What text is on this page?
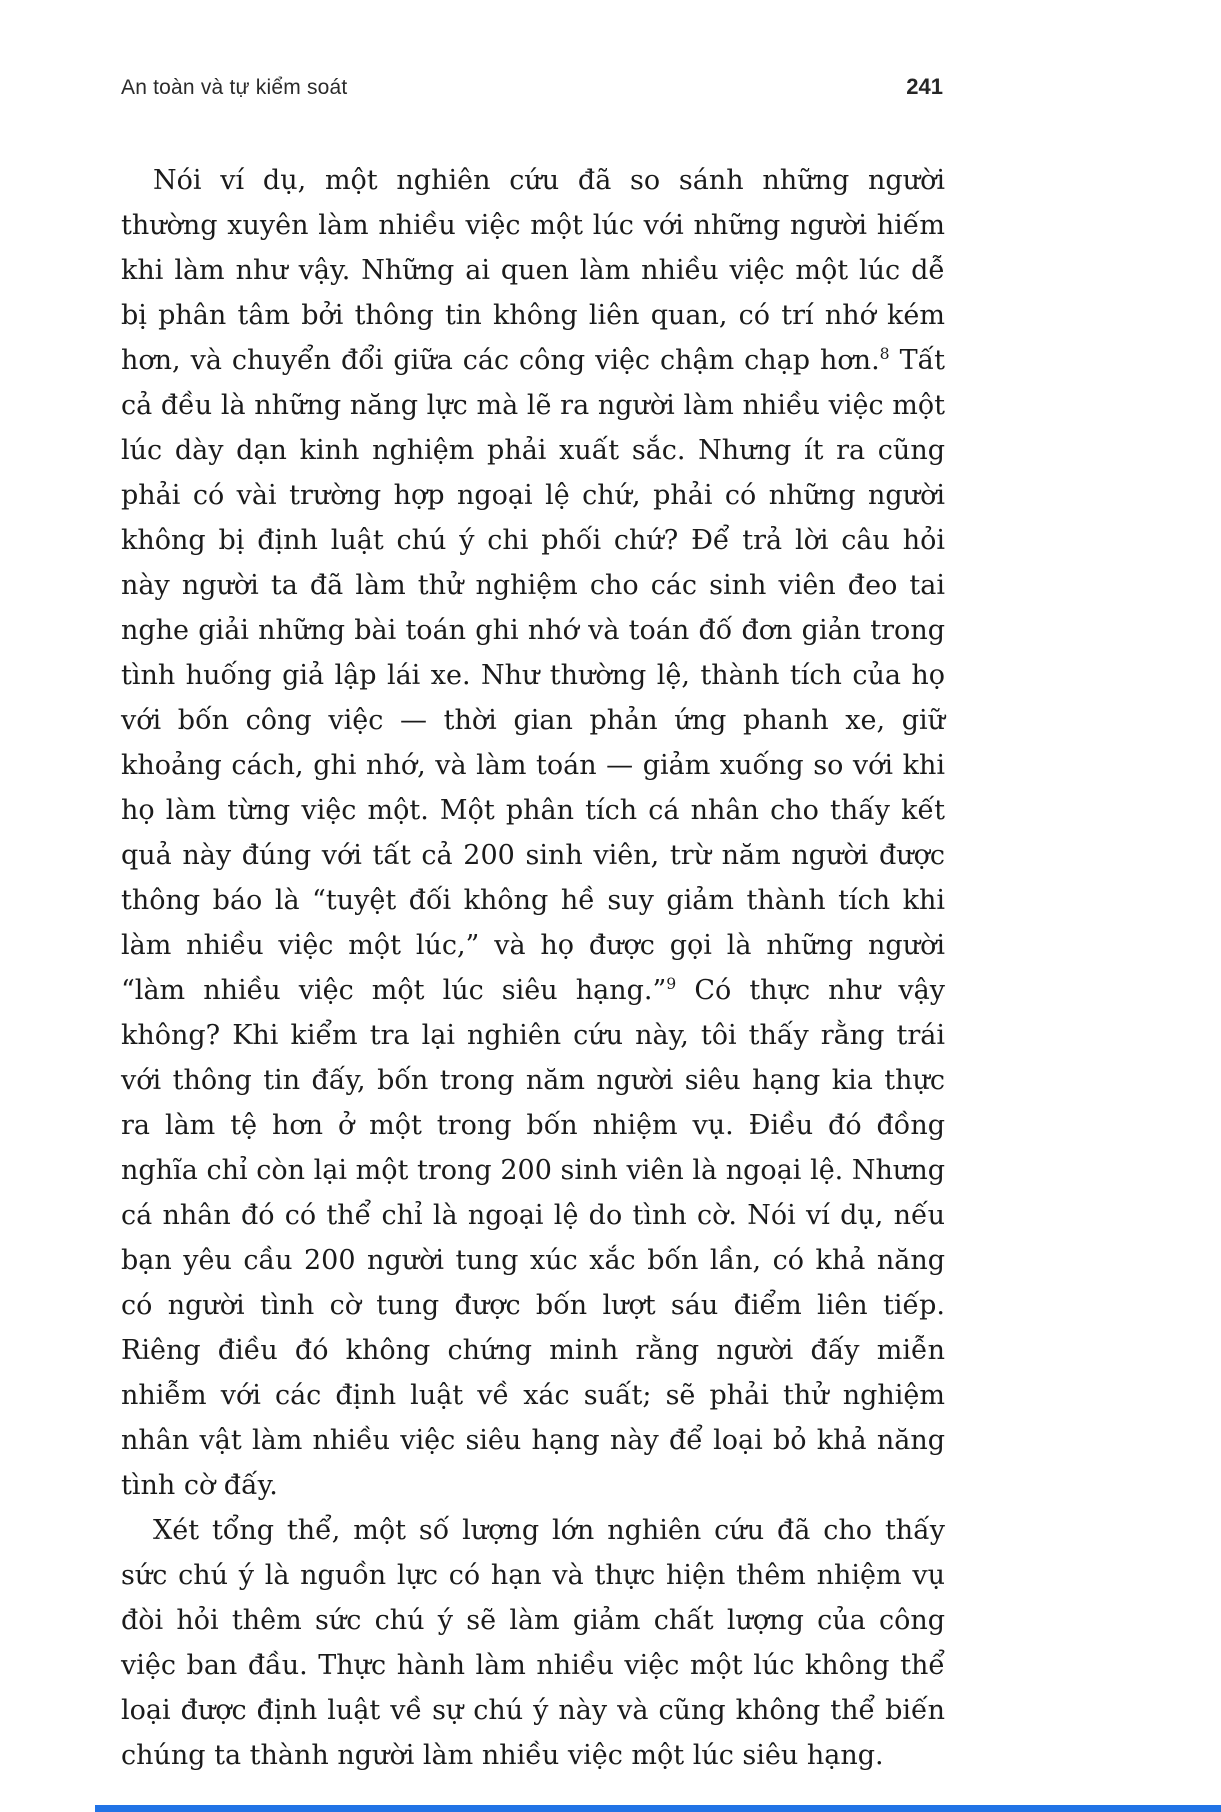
An toàn và tự kiểm soát	241

Nói ví dụ, một nghiên cứu đã so sánh những người thường xuyên làm nhiều việc một lúc với những người hiếm khi làm như vậy. Những ai quen làm nhiều việc một lúc dễ bị phân tâm bởi thông tin không liên quan, có trí nhớ kém hơn, và chuyển đổi giữa các công việc chậm chạp hơn.$^8$ Tất cả đều là những năng lực mà lẽ ra người làm nhiều việc một lúc dày dạn kinh nghiệm phải xuất sắc. Nhưng ít ra cũng phải có vài trường hợp ngoại lệ chứ, phải có những người không bị định luật chú ý chi phối chứ? Để trả lời câu hỏi này người ta đã làm thử nghiệm cho các sinh viên đeo tai nghe giải những bài toán ghi nhớ và toán đố đơn giản trong tình huống giả lập lái xe. Như thường lệ, thành tích của họ với bốn công việc — thời gian phản ứng phanh xe, giữ khoảng cách, ghi nhớ, và làm toán — giảm xuống so với khi họ làm từng việc một. Một phân tích cá nhân cho thấy kết quả này đúng với tất cả 200 sinh viên, trừ năm người được thông báo là “tuyệt đối không hề suy giảm thành tích khi làm nhiều việc một lúc,” và họ được gọi là những người “làm nhiều việc một lúc siêu hạng.”$^9$ Có thực như vậy không? Khi kiểm tra lại nghiên cứu này, tôi thấy rằng trái với thông tin đấy, bốn trong năm người siêu hạng kia thực ra làm tệ hơn ở một trong bốn nhiệm vụ. Điều đó đồng nghĩa chỉ còn lại một trong 200 sinh viên là ngoại lệ. Nhưng cá nhân đó có thể chỉ là ngoại lệ do tình cờ. Nói ví dụ, nếu bạn yêu cầu 200 người tung xúc xắc bốn lần, có khả năng có người tình cờ tung được bốn lượt sáu điểm liên tiếp. Riêng điều đó không chứng minh rằng người đấy miễn nhiễm với các định luật về xác suất; sẽ phải thử nghiệm nhân vật làm nhiều việc siêu hạng này để loại bỏ khả năng tình cờ đấy.

Xét tổng thể, một số lượng lớn nghiên cứu đã cho thấy sức chú ý là nguồn lực có hạn và thực hiện thêm nhiệm vụ đòi hỏi thêm sức chú ý sẽ làm giảm chất lượng của công việc ban đầu. Thực hành làm nhiều việc một lúc không thể loại được định luật về sự chú ý này và cũng không thể biến chúng ta thành người làm nhiều việc một lúc siêu hạng.
